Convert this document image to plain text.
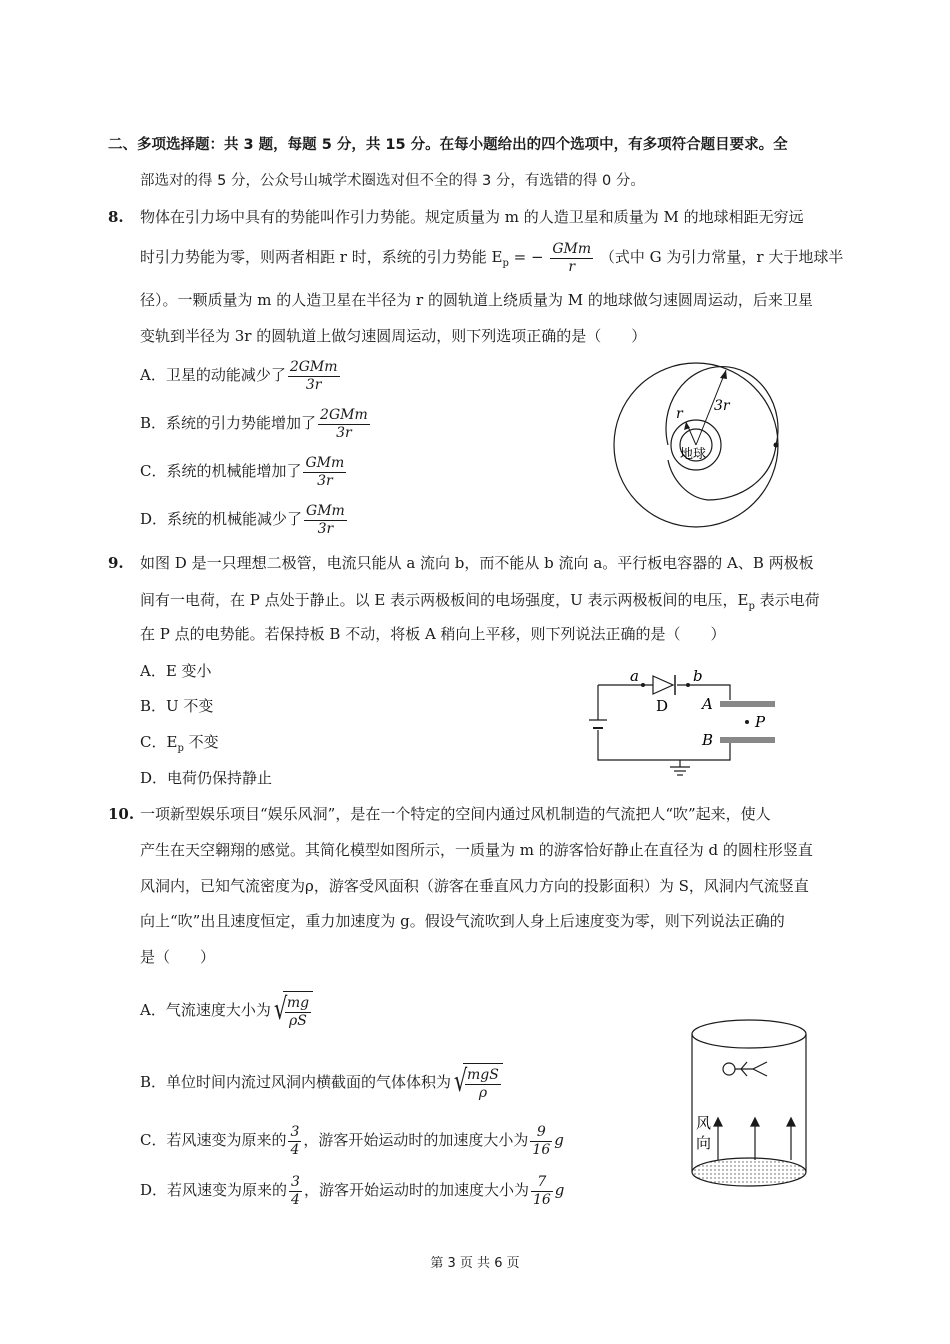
二、多项选择题：共 3 题，每题 5 分，共 15 分。在每小题给出的四个选项中，有多项符合题目要求。全
部选对的得 5 分，公众号山城学术圈选对但不全的得 3 分，有选错的得 0 分。
8. 物体在引力场中具有的势能叫作引力势能。规定质量为 m 的人造卫星和质量为 M 的地球相距无穷远
时引力势能为零，则两者相距 r 时，系统的引力势能 $E_p$ = − $\frac{\text{GMm}}{r}$ （式中 G 为引力常量，r 大于地球半
径）。一颗质量为 m 的人造卫星在半径为 r 的圆轨道上绕质量为 M 的地球做匀速圆周运动，后来卫星
变轨到半径为 3r 的圆轨道上做匀速圆周运动，则下列选项正确的是（　　）
A．卫星的动能减少了 $\frac{\text{2GMm}}{3r}$
B．系统的引力势能增加了 $\frac{\text{2GMm}}{3r}$
C．系统的机械能增加了 $\frac{\text{GMm}}{3r}$
D．系统的机械能减少了 $\frac{\text{GMm}}{3r}$
3r
r
地球
9. 如图 D 是一只理想二极管，电流只能从 a 流向 b，而不能从 b 流向 a。平行板电容器的 A、B 两极板
间有一电荷，在 P 点处于静止。以 E 表示两极板间的电场强度，U 表示两极板间的电压，$E_p$ 表示电荷
在 P 点的电势能。若保持板 B 不动，将板 A 稍向上平移，则下列说法正确的是（　　）
A．E 变小
B．U 不变
C．$E_p$ 不变
D．电荷仍保持静止
a	b
D A
B
P
10. 一项新型娱乐项目“娱乐风洞”，是在一个特定的空间内通过风机制造的气流把人“吹”起来，使人
产生在天空翱翔的感觉。其简化模型如图所示，一质量为 m 的游客恰好静止在直径为 d 的圆柱形竖直
风洞内，已知气流密度为ρ，游客受风面积（游客在垂直风力方向的投影面积）为 S，风洞内气流竖直
向上“吹”出且速度恒定，重力加速度为 g。假设气流吹到人身上后速度变为零，则下列说法正确的
是（　　）
A．气流速度大小为 √
$\frac{mg}{\rho S}$
B．单位时间内流过风洞内横截面的气体体积为 √
$\frac{\text{mgS}}{\rho}$
C．若风速变为原来的 $\frac{3}{4}$ ，游客开始运动时的加速度大小为 $\frac{9}{16}$ g
D．若风速变为原来的 $\frac{3}{4}$ ，游客开始运动时的加速度大小为 $\frac{7}{16}$ g
风
向
第 3 页 共 6 页
